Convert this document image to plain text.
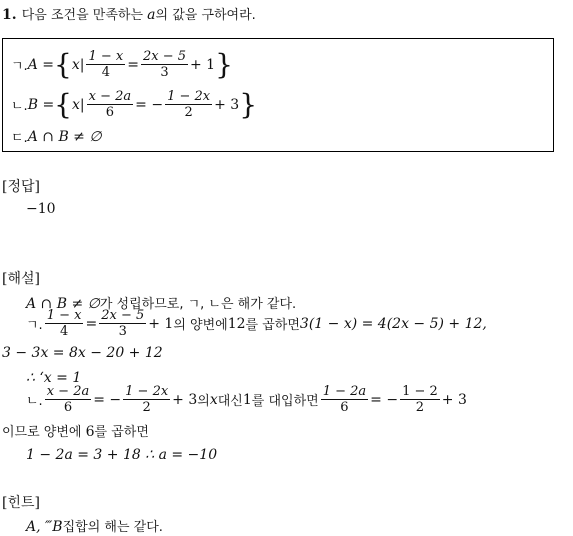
1. 다음 조건을 만족하는 a의 값을 구하여라.
ㄱ. A = { $x| \frac{1 - x}{4} = \frac{2x - 5}{3} + 1$ }
ㄴ. B = { $x| \frac{x - 2a}{6}$ = − $\frac{1 - 2x}{2} + 3$ }
ㄷ. A ∩ B ≠ ∅
[정답]
−10
[해설]
A ∩ B ≠ ∅가 성립하므로, ㄱ, ㄴ은 해가 같다.
ㄱ. $\frac{1 - x}{4} = \frac{2x - 5}{3} + 1$ 의 양변에 12 를 곱하면 3(1 − x) = 4(2x − 5) + 12,
3 − 3x = 8x − 20 + 12
∴ ‘x = 1
ㄴ. $\frac{x - 2a}{6}$ = − $\frac{1 - 2x}{2} + 3$ 의 x 대신 1 를 대입하면 $\frac{1 - 2a}{6}$ = − $\frac{1 - 2}{2} + 3$
이므로 양변에 6를 곱하면
1 − 2a = 3 + 18 ∴ a = −10
[힌트]
A, ‴B집합의 해는 같다.
